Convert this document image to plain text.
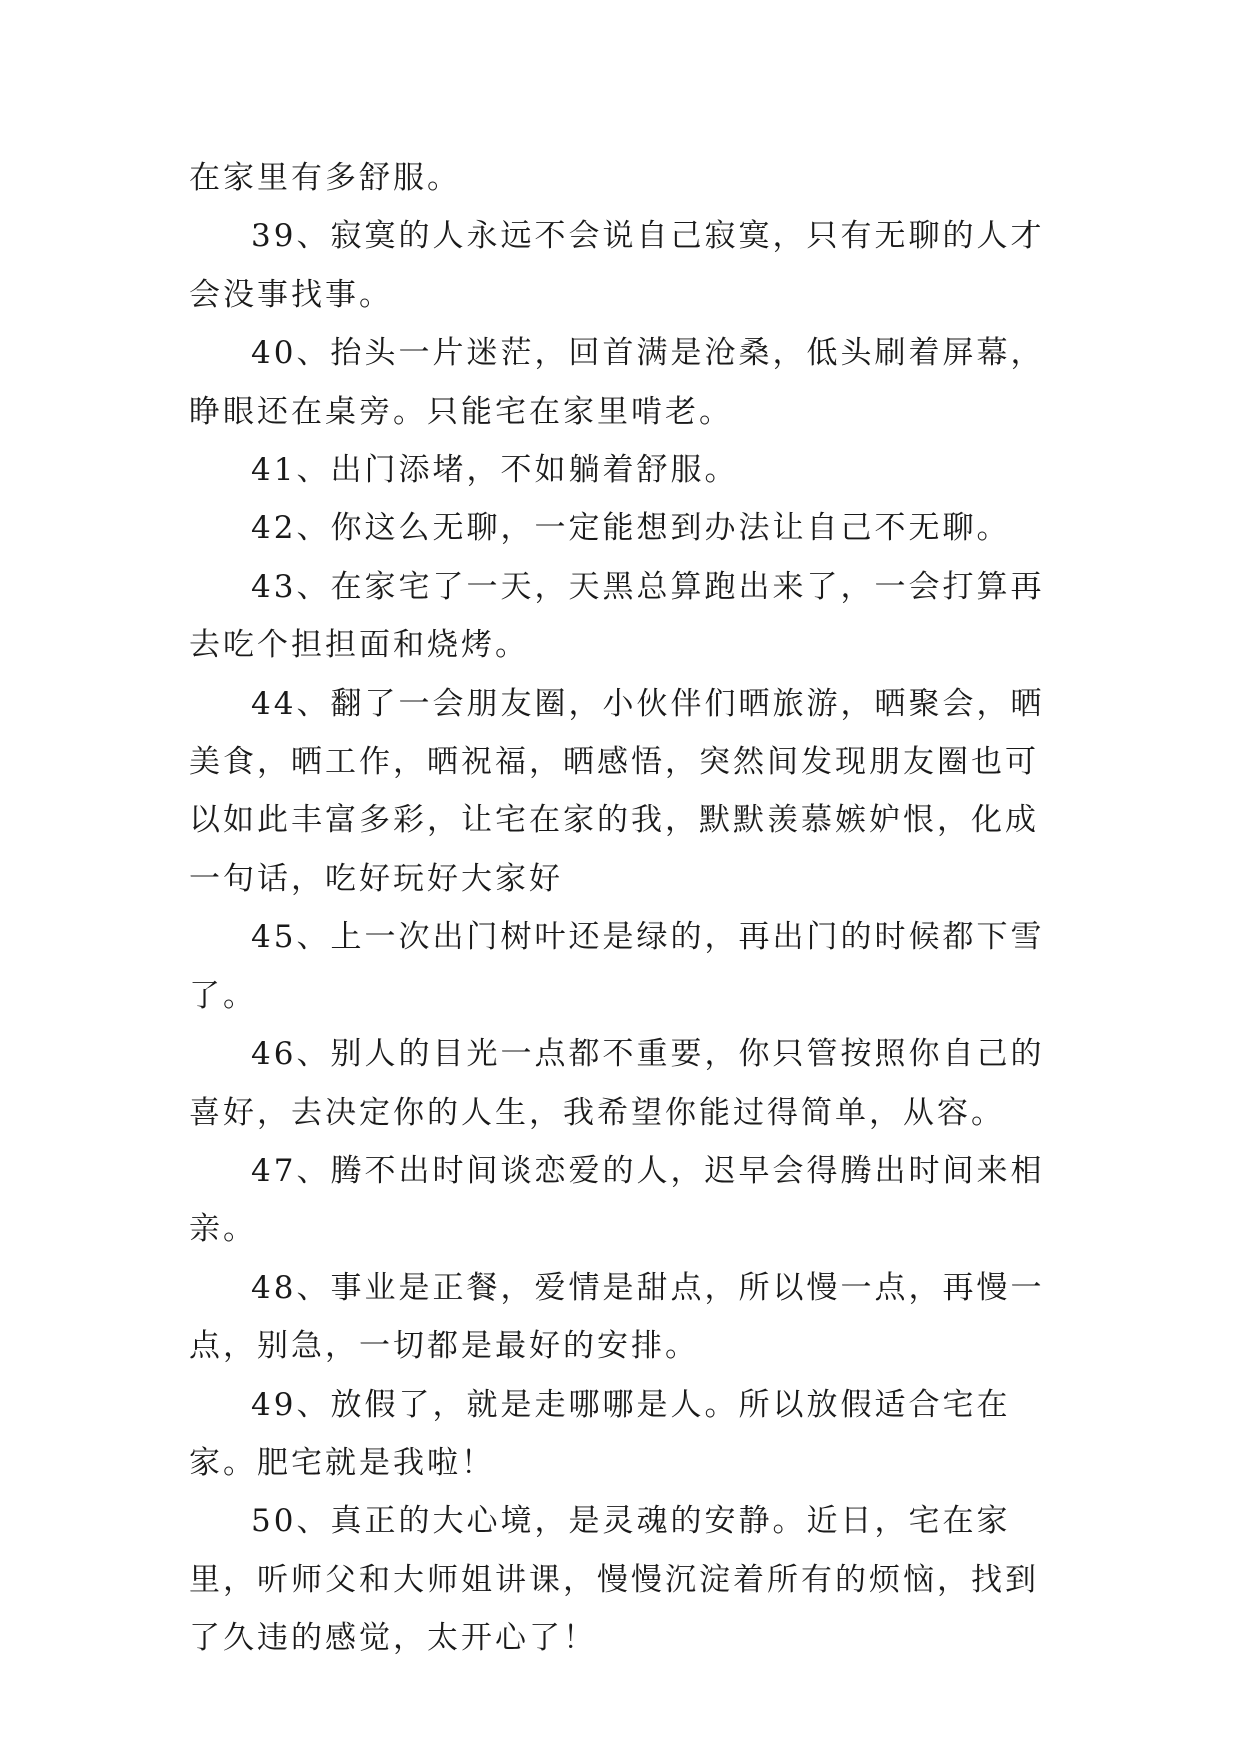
在家里有多舒服。

39、寂寞的人永远不会说自己寂寞，只有无聊的人才会没事找事。

40、抬头一片迷茫，回首满是沧桑，低头刷着屏幕，睁眼还在桌旁。只能宅在家里啃老。

41、出门添堵，不如躺着舒服。

42、你这么无聊，一定能想到办法让自己不无聊。

43、在家宅了一天，天黑总算跑出来了，一会打算再去吃个担担面和烧烤。

44、翻了一会朋友圈，小伙伴们晒旅游，晒聚会，晒美食，晒工作，晒祝福，晒感悟，突然间发现朋友圈也可以如此丰富多彩，让宅在家的我，默默羡慕嫉妒恨，化成一句话，吃好玩好大家好

45、上一次出门树叶还是绿的，再出门的时候都下雪了。

46、别人的目光一点都不重要，你只管按照你自己的喜好，去决定你的人生，我希望你能过得简单，从容。

47、腾不出时间谈恋爱的人，迟早会得腾出时间来相亲。

48、事业是正餐，爱情是甜点，所以慢一点，再慢一点，别急，一切都是最好的安排。

49、放假了，就是走哪哪是人。所以放假适合宅在家。肥宅就是我啦！

50、真正的大心境，是灵魂的安静。近日，宅在家里，听师父和大师姐讲课，慢慢沉淀着所有的烦恼，找到了久违的感觉，太开心了！
